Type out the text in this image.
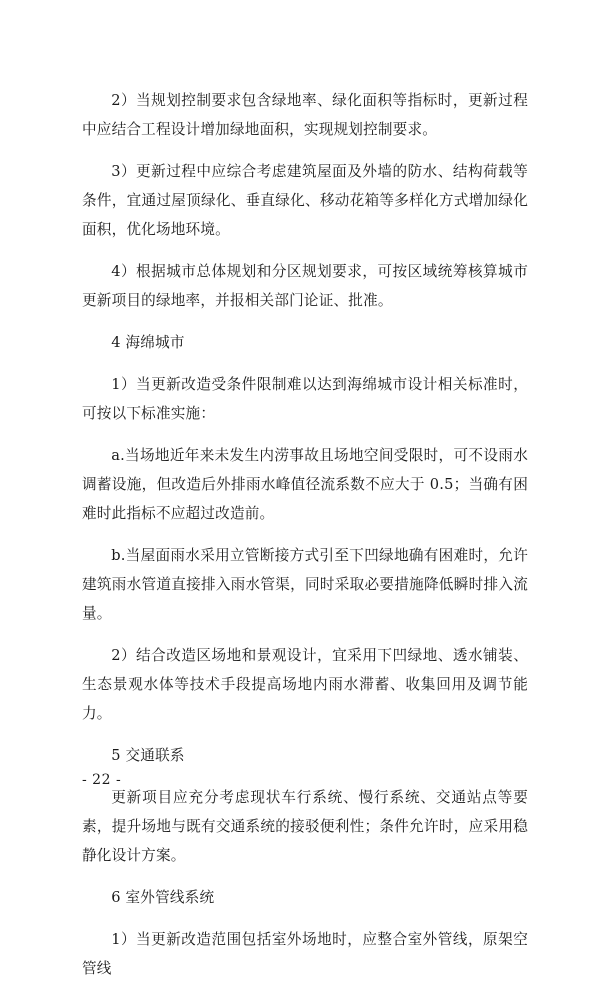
2）当规划控制要求包含绿地率、绿化面积等指标时，更新过程中应结合工程设计增加绿地面积，实现规划控制要求。

3）更新过程中应综合考虑建筑屋面及外墙的防水、结构荷载等条件，宜通过屋顶绿化、垂直绿化、移动花箱等多样化方式增加绿化面积，优化场地环境。

4）根据城市总体规划和分区规划要求，可按区域统筹核算城市更新项目的绿地率，并报相关部门论证、批准。

4 海绵城市

1）当更新改造受条件限制难以达到海绵城市设计相关标准时，可按以下标准实施：

a.当场地近年来未发生内涝事故且场地空间受限时，可不设雨水调蓄设施，但改造后外排雨水峰值径流系数不应大于 0.5；当确有困难时此指标不应超过改造前。

b.当屋面雨水采用立管断接方式引至下凹绿地确有困难时，允许建筑雨水管道直接排入雨水管渠，同时采取必要措施降低瞬时排入流量。

2）结合改造区场地和景观设计，宜采用下凹绿地、透水铺装、生态景观水体等技术手段提高场地内雨水滞蓄、收集回用及调节能力。

5 交通联系

更新项目应充分考虑现状车行系统、慢行系统、交通站点等要素，提升场地与既有交通系统的接驳便利性；条件允许时，应采用稳静化设计方案。

6 室外管线系统

1）当更新改造范围包括室外场地时，应整合室外管线，原架空管线

- 22 -
